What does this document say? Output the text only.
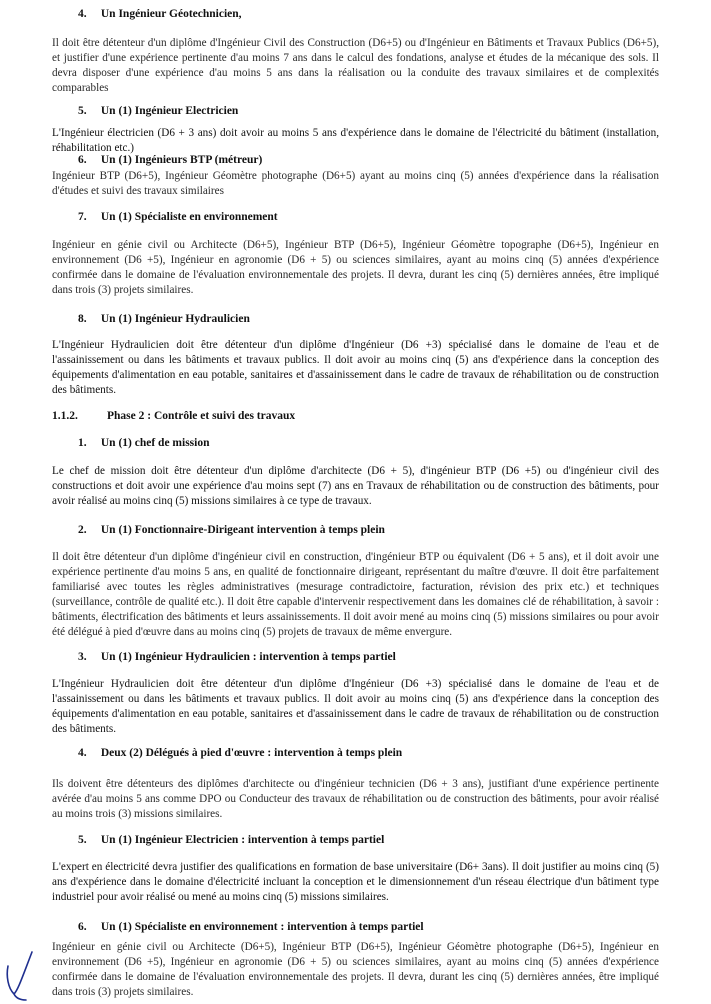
4. Un Ingénieur Géotechnicien,

Il doit être détenteur d'un diplôme d'Ingénieur Civil des Construction (D6+5) ou d'Ingénieur en Bâtiments et Travaux Publics (D6+5), et justifier d'une expérience pertinente d'au moins 7 ans dans le calcul des fondations, analyse et études de la mécanique des sols. Il devra disposer d'une expérience d'au moins 5 ans dans la réalisation ou la conduite des travaux similaires et de complexités comparables

5. Un (1) Ingénieur Electricien

L'Ingénieur électricien (D6 + 3 ans) doit avoir au moins 5 ans d'expérience dans le domaine de l'électricité du bâtiment (installation, réhabilitation etc.)

6. Un (1) Ingénieurs BTP (métreur)

Ingénieur BTP (D6+5), Ingénieur Géomètre photographe (D6+5) ayant au moins cinq (5) années d'expérience dans la réalisation d'études et suivi des travaux similaires

7. Un (1) Spécialiste en environnement

Ingénieur en génie civil ou Architecte (D6+5), Ingénieur BTP (D6+5), Ingénieur Géomètre topographe (D6+5), Ingénieur en environnement (D6 +5), Ingénieur en agronomie (D6 + 5) ou sciences similaires, ayant au moins cinq (5) années d'expérience confirmée dans le domaine de l'évaluation environnementale des projets. Il devra, durant les cinq (5) dernières années, être impliqué dans trois (3) projets similaires.

8. Un (1) Ingénieur Hydraulicien

L'Ingénieur Hydraulicien doit être détenteur d'un diplôme d'Ingénieur (D6 +3) spécialisé dans le domaine de l'eau et de l'assainissement ou dans les bâtiments et travaux publics. Il doit avoir au moins cinq (5) ans d'expérience dans la conception des équipements d'alimentation en eau potable, sanitaires et d'assainissement dans le cadre de travaux de réhabilitation ou de construction des bâtiments.

1.1.2.	Phase 2 : Contrôle et suivi des travaux
1. Un (1) chef de mission

Le chef de mission doit être détenteur d'un diplôme d'architecte (D6 + 5), d'ingénieur BTP (D6 +5) ou d'ingénieur civil des constructions et doit avoir une expérience d'au moins sept (7) ans en Travaux de réhabilitation ou de construction des bâtiments, pour avoir réalisé au moins cinq (5) missions similaires à ce type de travaux.

2. Un (1) Fonctionnaire-Dirigeant intervention à temps plein

Il doit être détenteur d'un diplôme d'ingénieur civil en construction, d'ingénieur BTP ou équivalent (D6 + 5 ans), et il doit avoir une expérience pertinente d'au moins 5 ans, en qualité de fonctionnaire dirigeant, représentant du maître d'œuvre. Il doit être parfaitement familiarisé avec toutes les règles administratives (mesurage contradictoire, facturation, révision des prix etc.) et techniques (surveillance, contrôle de qualité etc.). Il doit être capable d'intervenir respectivement dans les domaines clé de réhabilitation, à savoir : bâtiments, électrification des bâtiments et leurs assainissements. Il doit avoir mené au moins cinq (5) missions similaires ou pour avoir été délégué à pied d'œuvre dans au moins cinq (5) projets de travaux de même envergure.

3. Un (1) Ingénieur Hydraulicien : intervention à temps partiel

L'Ingénieur Hydraulicien doit être détenteur d'un diplôme d'Ingénieur (D6 +3) spécialisé dans le domaine de l'eau et de l'assainissement ou dans les bâtiments et travaux publics. Il doit avoir au moins cinq (5) ans d'expérience dans la conception des équipements d'alimentation en eau potable, sanitaires et d'assainissement dans le cadre de travaux de réhabilitation ou de construction des bâtiments.

4. Deux (2) Délégués à pied d'œuvre : intervention à temps plein

Ils doivent être détenteurs des diplômes d'architecte ou d'ingénieur technicien (D6 + 3 ans), justifiant d'une expérience pertinente avérée d'au moins 5 ans comme DPO ou Conducteur des travaux de réhabilitation ou de construction des bâtiments, pour avoir réalisé au moins trois (3) missions similaires.

5. Un (1) Ingénieur Electricien : intervention à temps partiel

L'expert en électricité devra justifier des qualifications en formation de base universitaire (D6+ 3ans). Il doit justifier au moins cinq (5) ans d'expérience dans le domaine d'électricité incluant la conception et le dimensionnement d'un réseau électrique d'un bâtiment type industriel pour avoir réalisé ou mené au moins cinq (5) missions similaires.

6. Un (1) Spécialiste en environnement : intervention à temps partiel

Ingénieur en génie civil ou Architecte (D6+5), Ingénieur BTP (D6+5), Ingénieur Géomètre photographe (D6+5), Ingénieur en environnement (D6 +5), Ingénieur en agronomie (D6 + 5) ou sciences similaires, ayant au moins cinq (5) années d'expérience confirmée dans le domaine de l'évaluation environnementale des projets. Il devra, durant les cinq (5) dernières années, être impliqué dans trois (3) projets similaires.
